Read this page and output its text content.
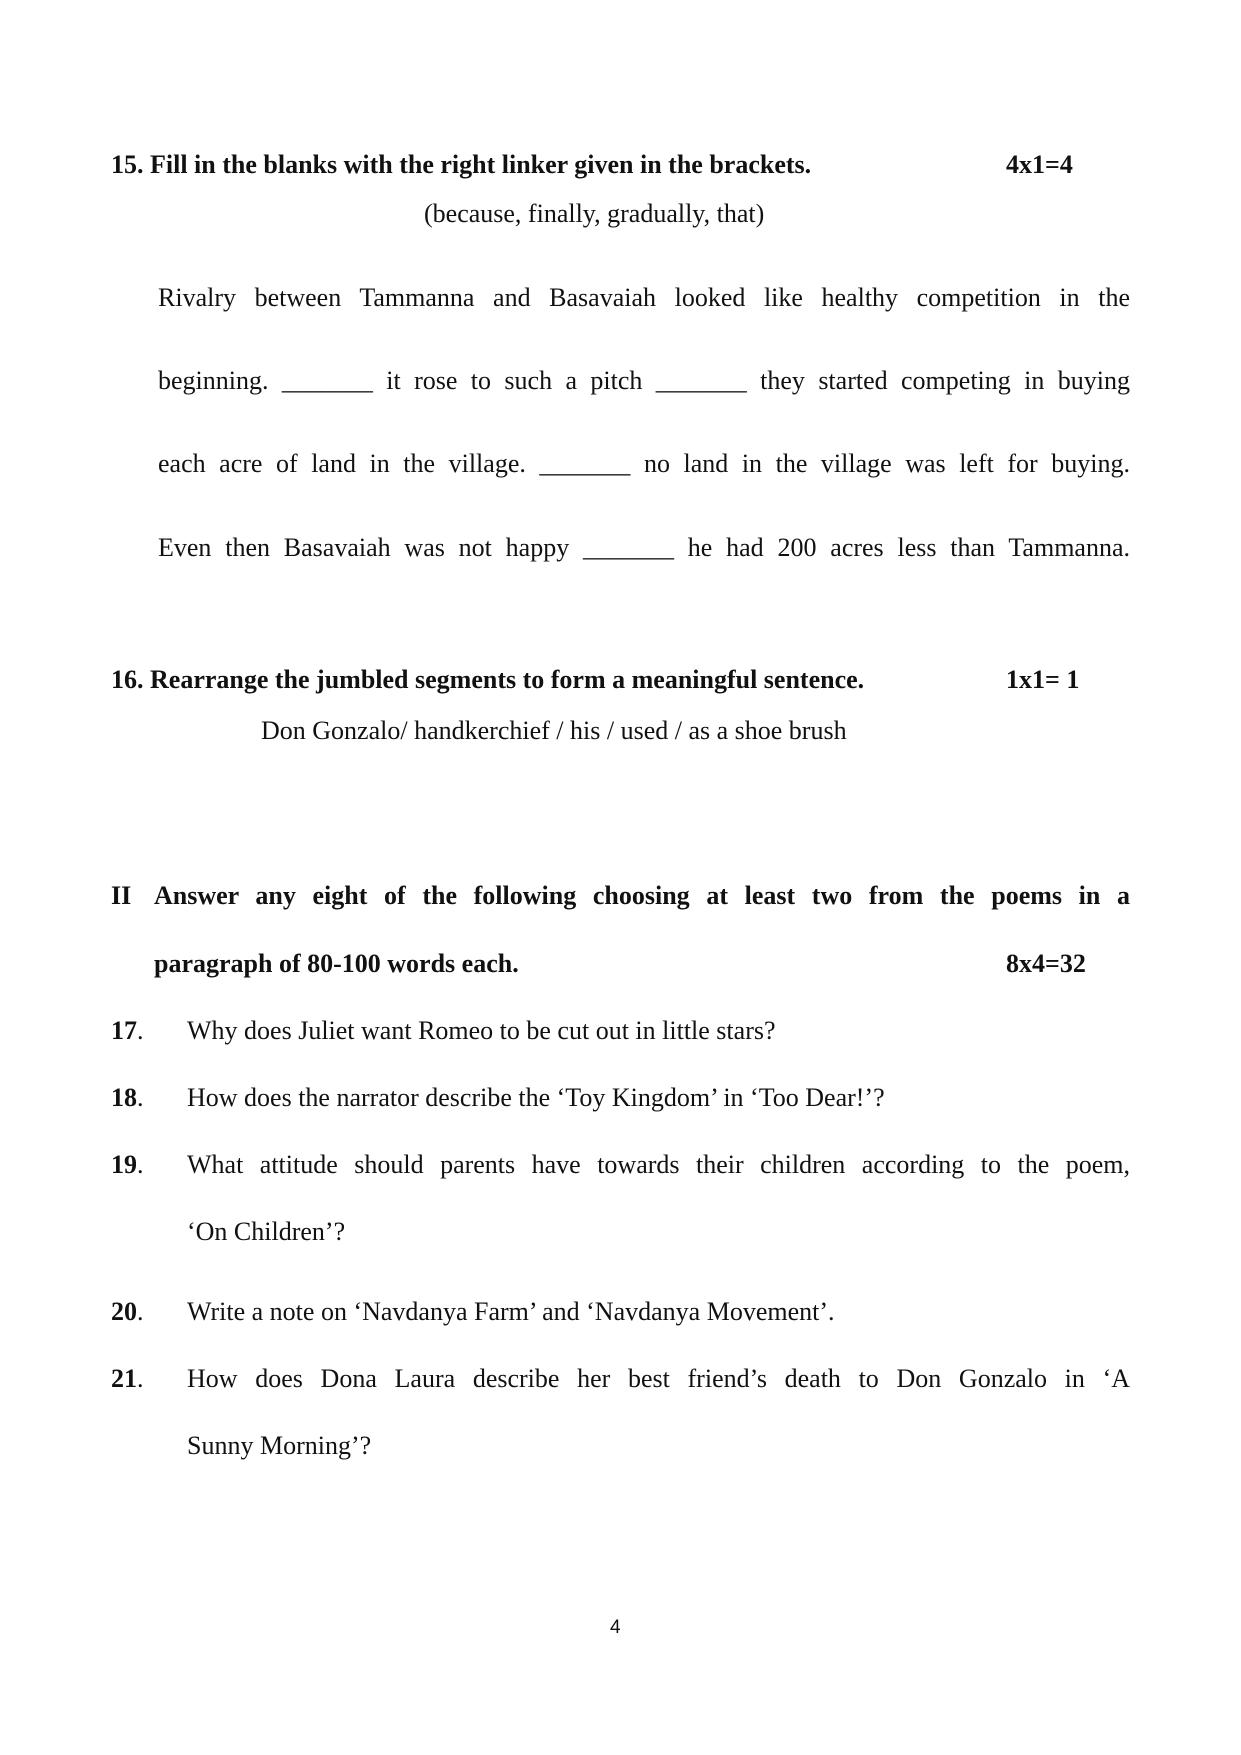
15. Fill in the blanks with the right linker given in the brackets.	4x1=4
(because, finally, gradually, that)
Rivalry between Tammanna and Basavaiah looked like healthy competition in the
beginning. _______ it rose to such a pitch _______ they started competing in buying
each acre of land in the village. _______ no land in the village was left for buying.
Even then Basavaiah was not happy _______ he had 200 acres less than Tammanna.
16. Rearrange the jumbled segments to form a meaningful sentence.	1x1= 1
Don Gonzalo/ handkerchief / his / used / as a shoe brush
II Answer any eight of the following choosing at least two from the poems in a
paragraph of 80-100 words each.	8x4=32
17. Why does Juliet want Romeo to be cut out in little stars?
18. How does the narrator describe the ‘Toy Kingdom’ in ‘Too Dear!’?
19. What attitude should parents have towards their children according to the poem,
‘On Children’?
20. Write a note on ‘Navdanya Farm’ and ‘Navdanya Movement’.
21. How does Dona Laura describe her best friend’s death to Don Gonzalo in ‘A
Sunny Morning’?
4
